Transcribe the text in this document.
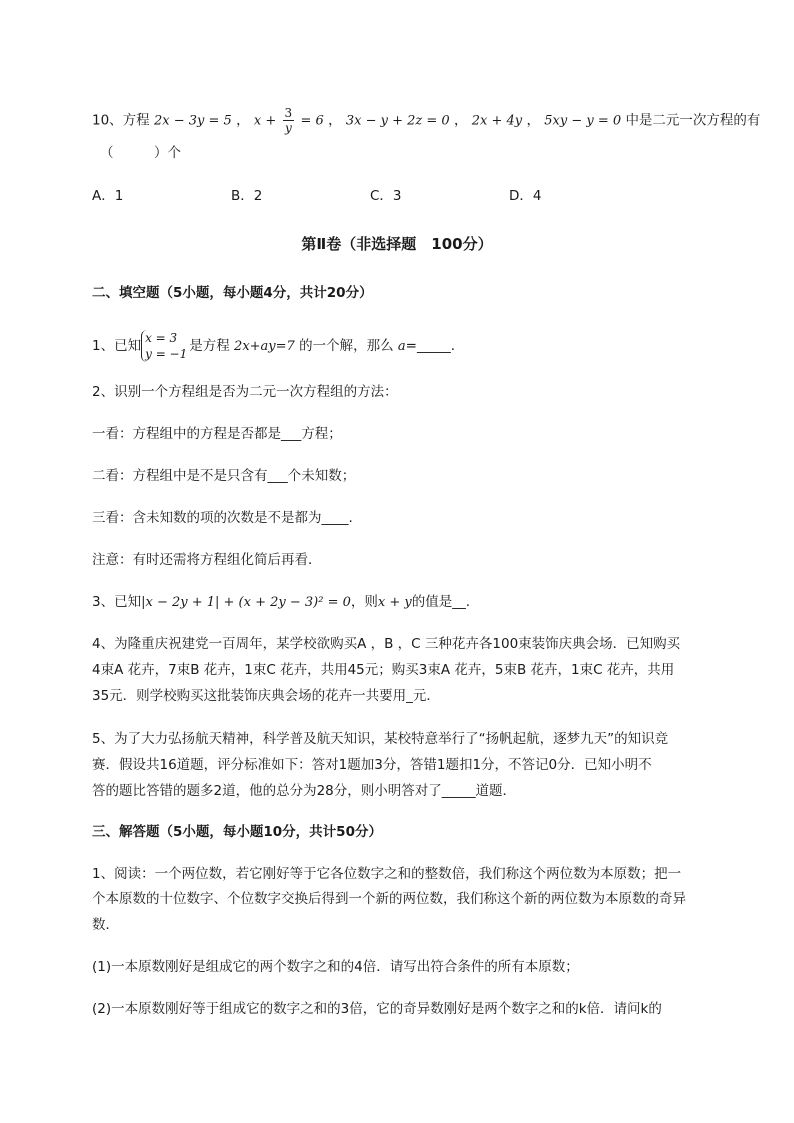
10、方程 2x − 3y = 5 ， $x + \frac{3}{y} = 6$ ， 3x − y + 2z = 0 ， 2x + 4y ， 5xy − y = 0 中是二元一次方程的有
（　　　）个
A．1	B．2	C．3	D．4
第Ⅱ卷（非选择题　100分）
二、填空题（5小题，每小题4分，共计20分）
1、已知 x = 3
y = −1 是方程 2x+ay=7 的一个解，那么 a=_____.
2、识别一个方程组是否为二元一次方程组的方法：
一看：方程组中的方程是否都是___方程；
二看：方程组中是不是只含有___个未知数；
三看：含未知数的项的次数是不是都为____.
注意：有时还需将方程组化简后再看．
3、已知|x − 2y + 1| + (x + 2y − 3)² = 0，则x + y的值是__.
4、为隆重庆祝建党一百周年，某学校欲购买A ，B ，C 三种花卉各100束装饰庆典会场．已知购买
4束A 花卉，7束B 花卉，1束C 花卉，共用45元；购买3束A 花卉，5束B 花卉，1束C 花卉，共用
35元．则学校购买这批装饰庆典会场的花卉一共要用_元．
5、为了大力弘扬航天精神，科学普及航天知识，某校特意举行了“扬帆起航，逐梦九天”的知识竞
赛．假设共16道题，评分标准如下：答对1题加3分，答错1题扣1分，不答记0分．已知小明不
答的题比答错的题多2道，他的总分为28分，则小明答对了_____道题．
三、解答题（5小题，每小题10分，共计50分）
1、阅读：一个两位数，若它刚好等于它各位数字之和的整数倍，我们称这个两位数为本原数；把一
个本原数的十位数字、个位数字交换后得到一个新的两位数，我们称这个新的两位数为本原数的奇异
数．
(1)一本原数刚好是组成它的两个数字之和的4倍．请写出符合条件的所有本原数；
(2)一本原数刚好等于组成它的数字之和的3倍，它的奇异数刚好是两个数字之和的k倍．请问k的
